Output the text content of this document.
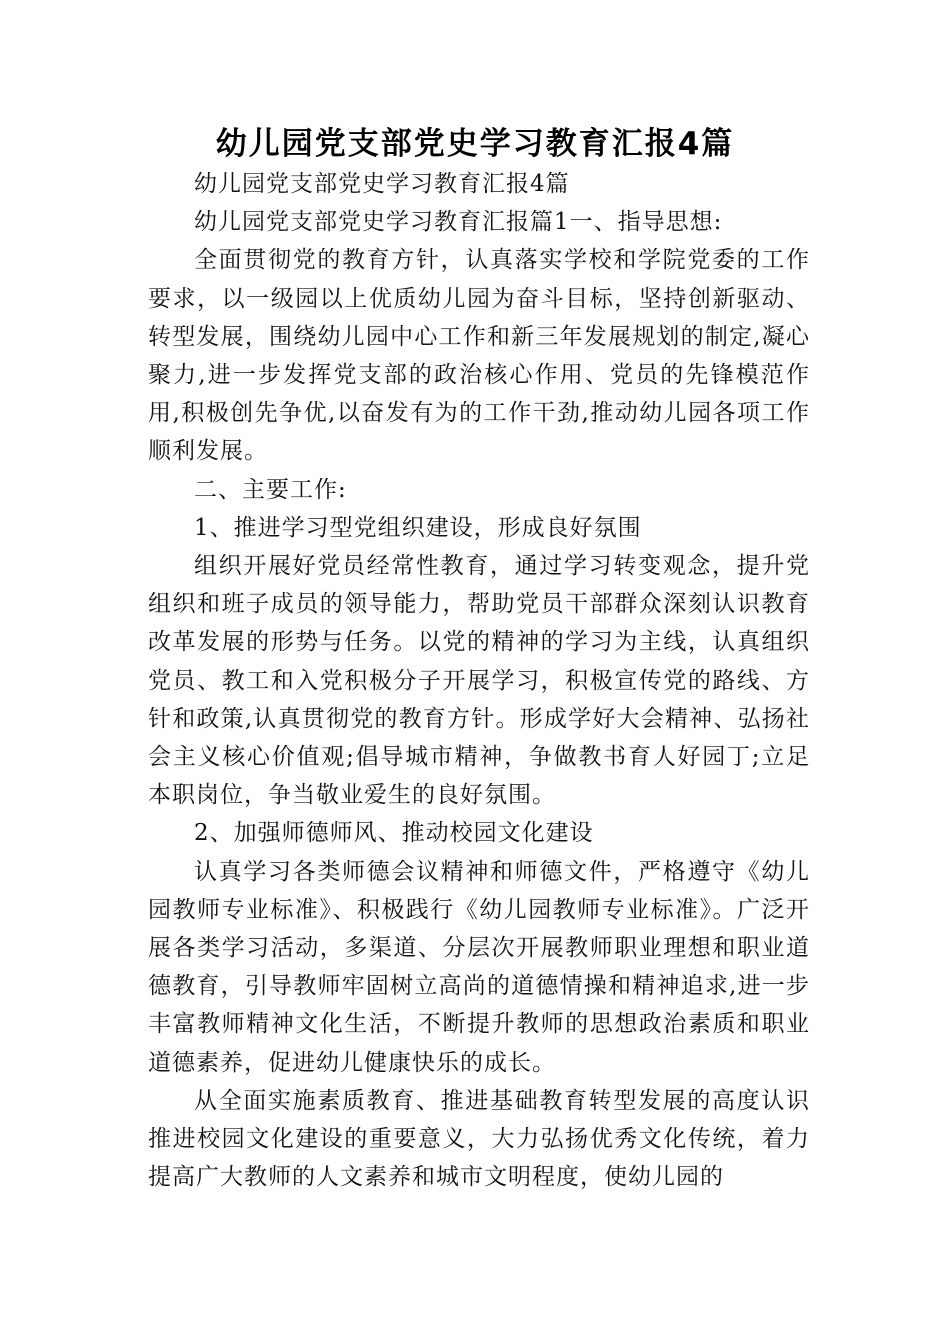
幼儿园党支部党史学习教育汇报4篇

幼儿园党支部党史学习教育汇报4篇

幼儿园党支部党史学习教育汇报篇1一、指导思想:

全面贯彻党的教育方针，认真落实学校和学院党委的工作要求，以一级园以上优质幼儿园为奋斗目标，坚持创新驱动、转型发展，围绕幼儿园中心工作和新三年发展规划的制定,凝心聚力,进一步发挥党支部的政治核心作用、党员的先锋模范作用,积极创先争优,以奋发有为的工作干劲,推动幼儿园各项工作顺利发展。

二、主要工作:

1、推进学习型党组织建设，形成良好氛围

组织开展好党员经常性教育，通过学习转变观念，提升党组织和班子成员的领导能力，帮助党员干部群众深刻认识教育改革发展的形势与任务。以党的精神的学习为主线，认真组织党员、教工和入党积极分子开展学习，积极宣传党的路线、方针和政策,认真贯彻党的教育方针。形成学好大会精神、弘扬社会主义核心价值观;倡导城市精神，争做教书育人好园丁;立足本职岗位，争当敬业爱生的良好氛围。

2、加强师德师风、推动校园文化建设

认真学习各类师德会议精神和师德文件，严格遵守《幼儿园教师专业标准》、积极践行《幼儿园教师专业标准》。广泛开展各类学习活动，多渠道、分层次开展教师职业理想和职业道德教育，引导教师牢固树立高尚的道德情操和精神追求,进一步丰富教师精神文化生活，不断提升教师的思想政治素质和职业道德素养，促进幼儿健康快乐的成长。

从全面实施素质教育、推进基础教育转型发展的高度认识推进校园文化建设的重要意义，大力弘扬优秀文化传统，着力提高广大教师的人文素养和城市文明程度，使幼儿园的
